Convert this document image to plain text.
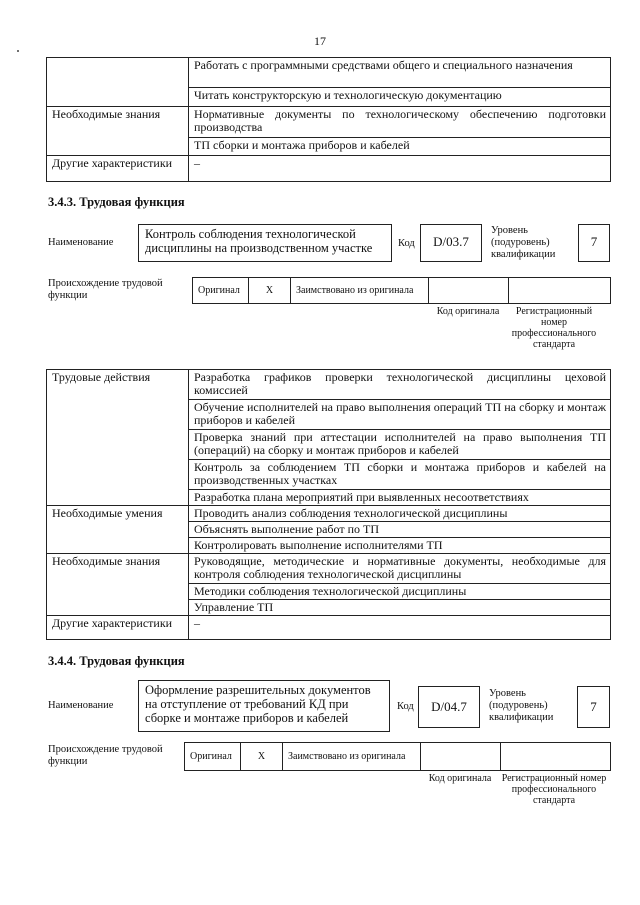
17
	Работать с программными средствами общего и специального назначения
	Читать конструкторскую и технологическую документацию
Необходимые знания	Нормативные документы по технологическому обеспечению подготовки производства
	ТП сборки и монтажа приборов и кабелей
Другие характеристики	–
3.4.3. Трудовая функция
Наименование
Контроль соблюдения технологической дисциплины на производственном участке	Код	D/03.7
Уровень (подуровень) квалификации
7
Происхождение трудовой функции	Оригинал	X	Заимствовано из оригинала		
Код оригинала	Регистрационный номер профессионального стандарта
Трудовые действия	Разработка графиков проверки технологической дисциплины цеховой комиссией
	Обучение исполнителей на право выполнения операций ТП на сборку и монтаж приборов и кабелей
	Проверка знаний при аттестации исполнителей на право выполнения ТП (операций) на сборку и монтаж приборов и кабелей
	Контроль за соблюдением ТП сборки и монтажа приборов и кабелей на производственных участках
	Разработка плана мероприятий при выявленных несоответствиях
Необходимые умения	Проводить анализ соблюдения технологической дисциплины
	Объяснять выполнение работ по ТП
	Контролировать выполнение исполнителями ТП
Необходимые знания	Руководящие, методические и нормативные документы, необходимые для контроля соблюдения технологической дисциплины
	Методики соблюдения технологической дисциплины
	Управление ТП
Другие характеристики	–
3.4.4. Трудовая функция
Наименование
Оформление разрешительных документов на отступление от требований КД при сборке и монтаже приборов и кабелей
Код	D/04.7
Уровень (подуровень) квалификации
7
Происхождение трудовой функции	Оригинал	X	Заимствовано из оригинала		
Код оригинала	Регистрационный номер профессионального стандарта
